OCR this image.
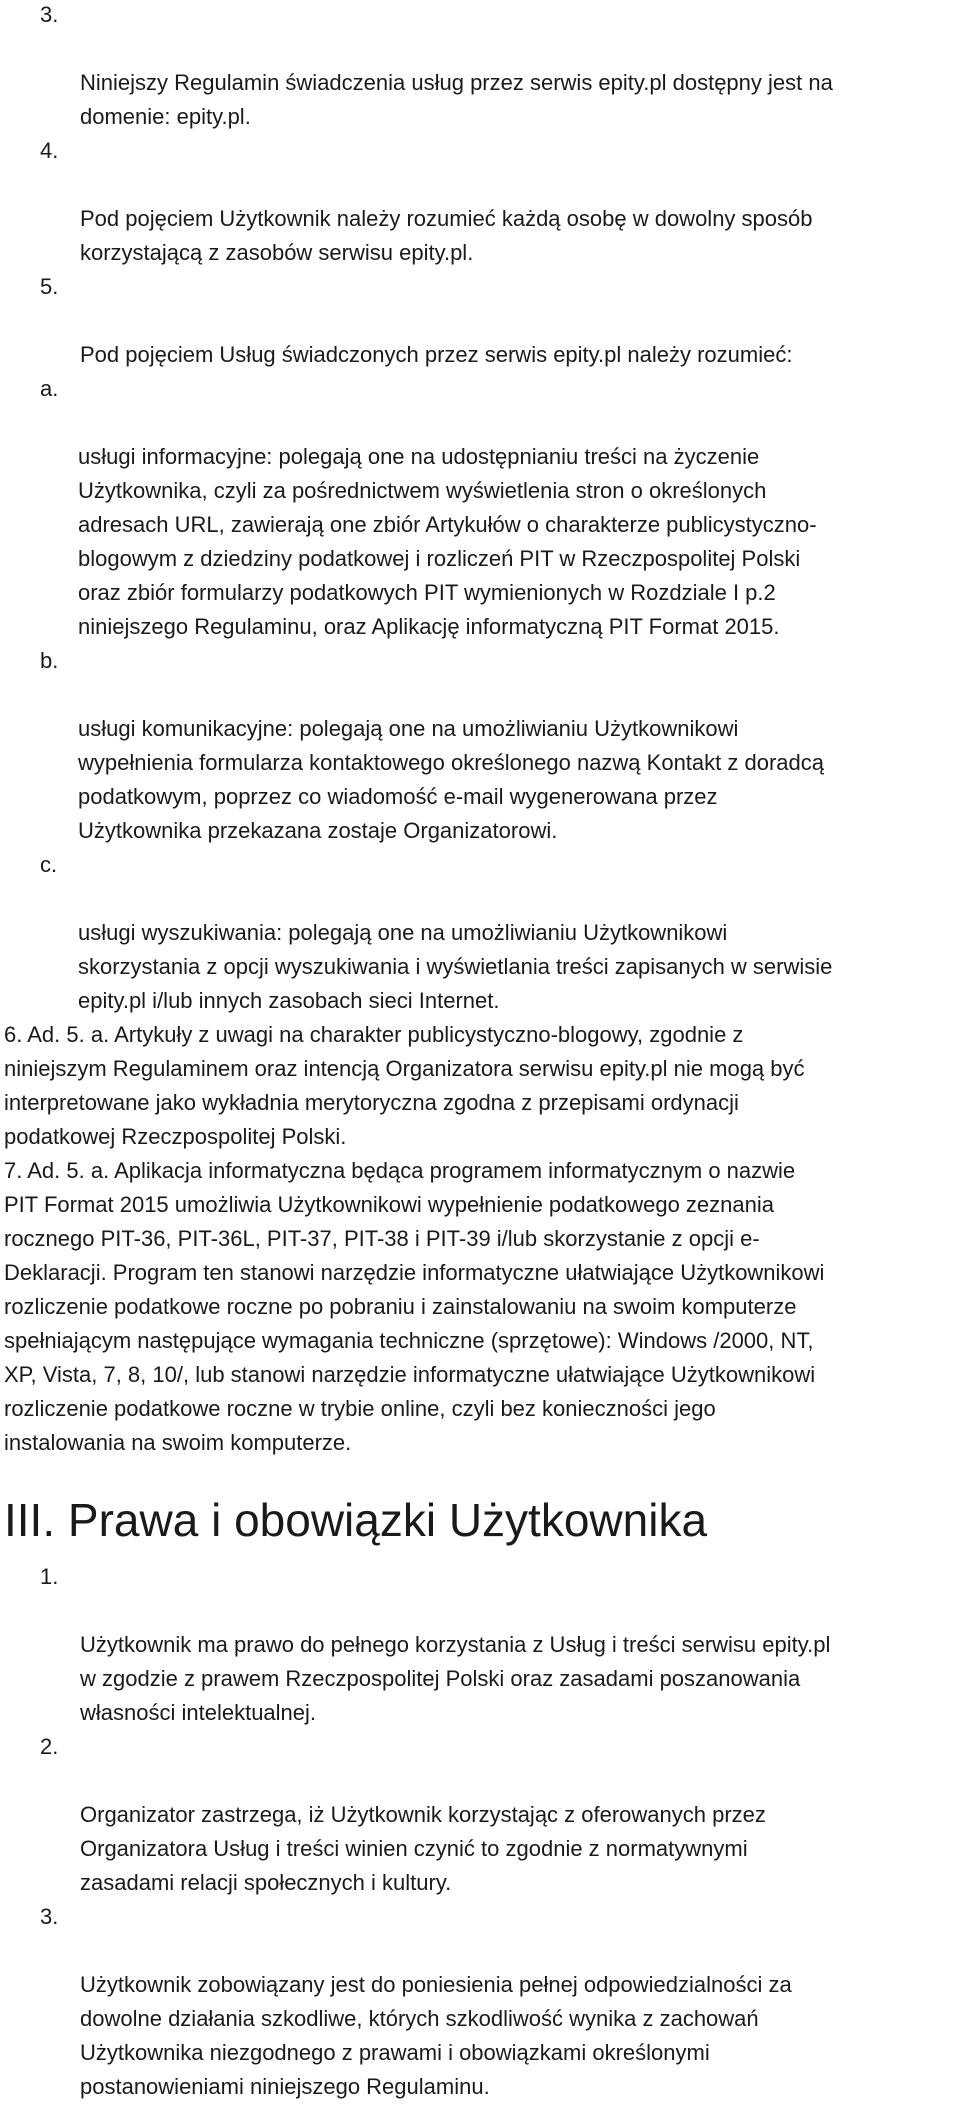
3.

Niniejszy Regulamin świadczenia usług przez serwis epity.pl dostępny jest na
domenie: epity.pl.

4.

Pod pojęciem Użytkownik należy rozumieć każdą osobę w dowolny sposób
korzystającą z zasobów serwisu epity.pl.

5.

Pod pojęciem Usług świadczonych przez serwis epity.pl należy rozumieć:

a.

usługi informacyjne: polegają one na udostępnianiu treści na życzenie
Użytkownika, czyli za pośrednictwem wyświetlenia stron o określonych
adresach URL, zawierają one zbiór Artykułów o charakterze publicystyczno-
blogowym z dziedziny podatkowej i rozliczeń PIT w Rzeczpospolitej Polski
oraz zbiór formularzy podatkowych PIT wymienionych w Rozdziale I p.2
niniejszego Regulaminu, oraz Aplikację informatyczną PIT Format 2015.

b.

usługi komunikacyjne: polegają one na umożliwianiu Użytkownikowi
wypełnienia formularza kontaktowego określonego nazwą Kontakt z doradcą
podatkowym, poprzez co wiadomość e-mail wygenerowana przez
Użytkownika przekazana zostaje Organizatorowi.

c.

usługi wyszukiwania: polegają one na umożliwianiu Użytkownikowi
skorzystania z opcji wyszukiwania i wyświetlania treści zapisanych w serwisie
epity.pl i/lub innych zasobach sieci Internet.

6. Ad. 5. a. Artykuły z uwagi na charakter publicystyczno-blogowy, zgodnie z
niniejszym Regulaminem oraz intencją Organizatora serwisu epity.pl nie mogą być
interpretowane jako wykładnia merytoryczna zgodna z przepisami ordynacji
podatkowej Rzeczpospolitej Polski.
7. Ad. 5. a. Aplikacja informatyczna będąca programem informatycznym o nazwie
PIT Format 2015 umożliwia Użytkownikowi wypełnienie podatkowego zeznania
rocznego PIT-36, PIT-36L, PIT-37, PIT-38 i PIT-39 i/lub skorzystanie z opcji e-
Deklaracji. Program ten stanowi narzędzie informatyczne ułatwiające Użytkownikowi
rozliczenie podatkowe roczne po pobraniu i zainstalowaniu na swoim komputerze
spełniającym następujące wymagania techniczne (sprzętowe): Windows /2000, NT,
XP, Vista, 7, 8, 10/, lub stanowi narzędzie informatyczne ułatwiające Użytkownikowi
rozliczenie podatkowe roczne w trybie online, czyli bez konieczności jego
instalowania na swoim komputerze.
III. Prawa i obowiązki Użytkownika

1.

Użytkownik ma prawo do pełnego korzystania z Usług i treści serwisu epity.pl
w zgodzie z prawem Rzeczpospolitej Polski oraz zasadami poszanowania
własności intelektualnej.

2.

Organizator zastrzega, iż Użytkownik korzystając z oferowanych przez
Organizatora Usług i treści winien czynić to zgodnie z normatywnymi
zasadami relacji społecznych i kultury.

3.

Użytkownik zobowiązany jest do poniesienia pełnej odpowiedzialności za
dowolne działania szkodliwe, których szkodliwość wynika z zachowań
Użytkownika niezgodnego z prawami i obowiązkami określonymi
postanowieniami niniejszego Regulaminu.
